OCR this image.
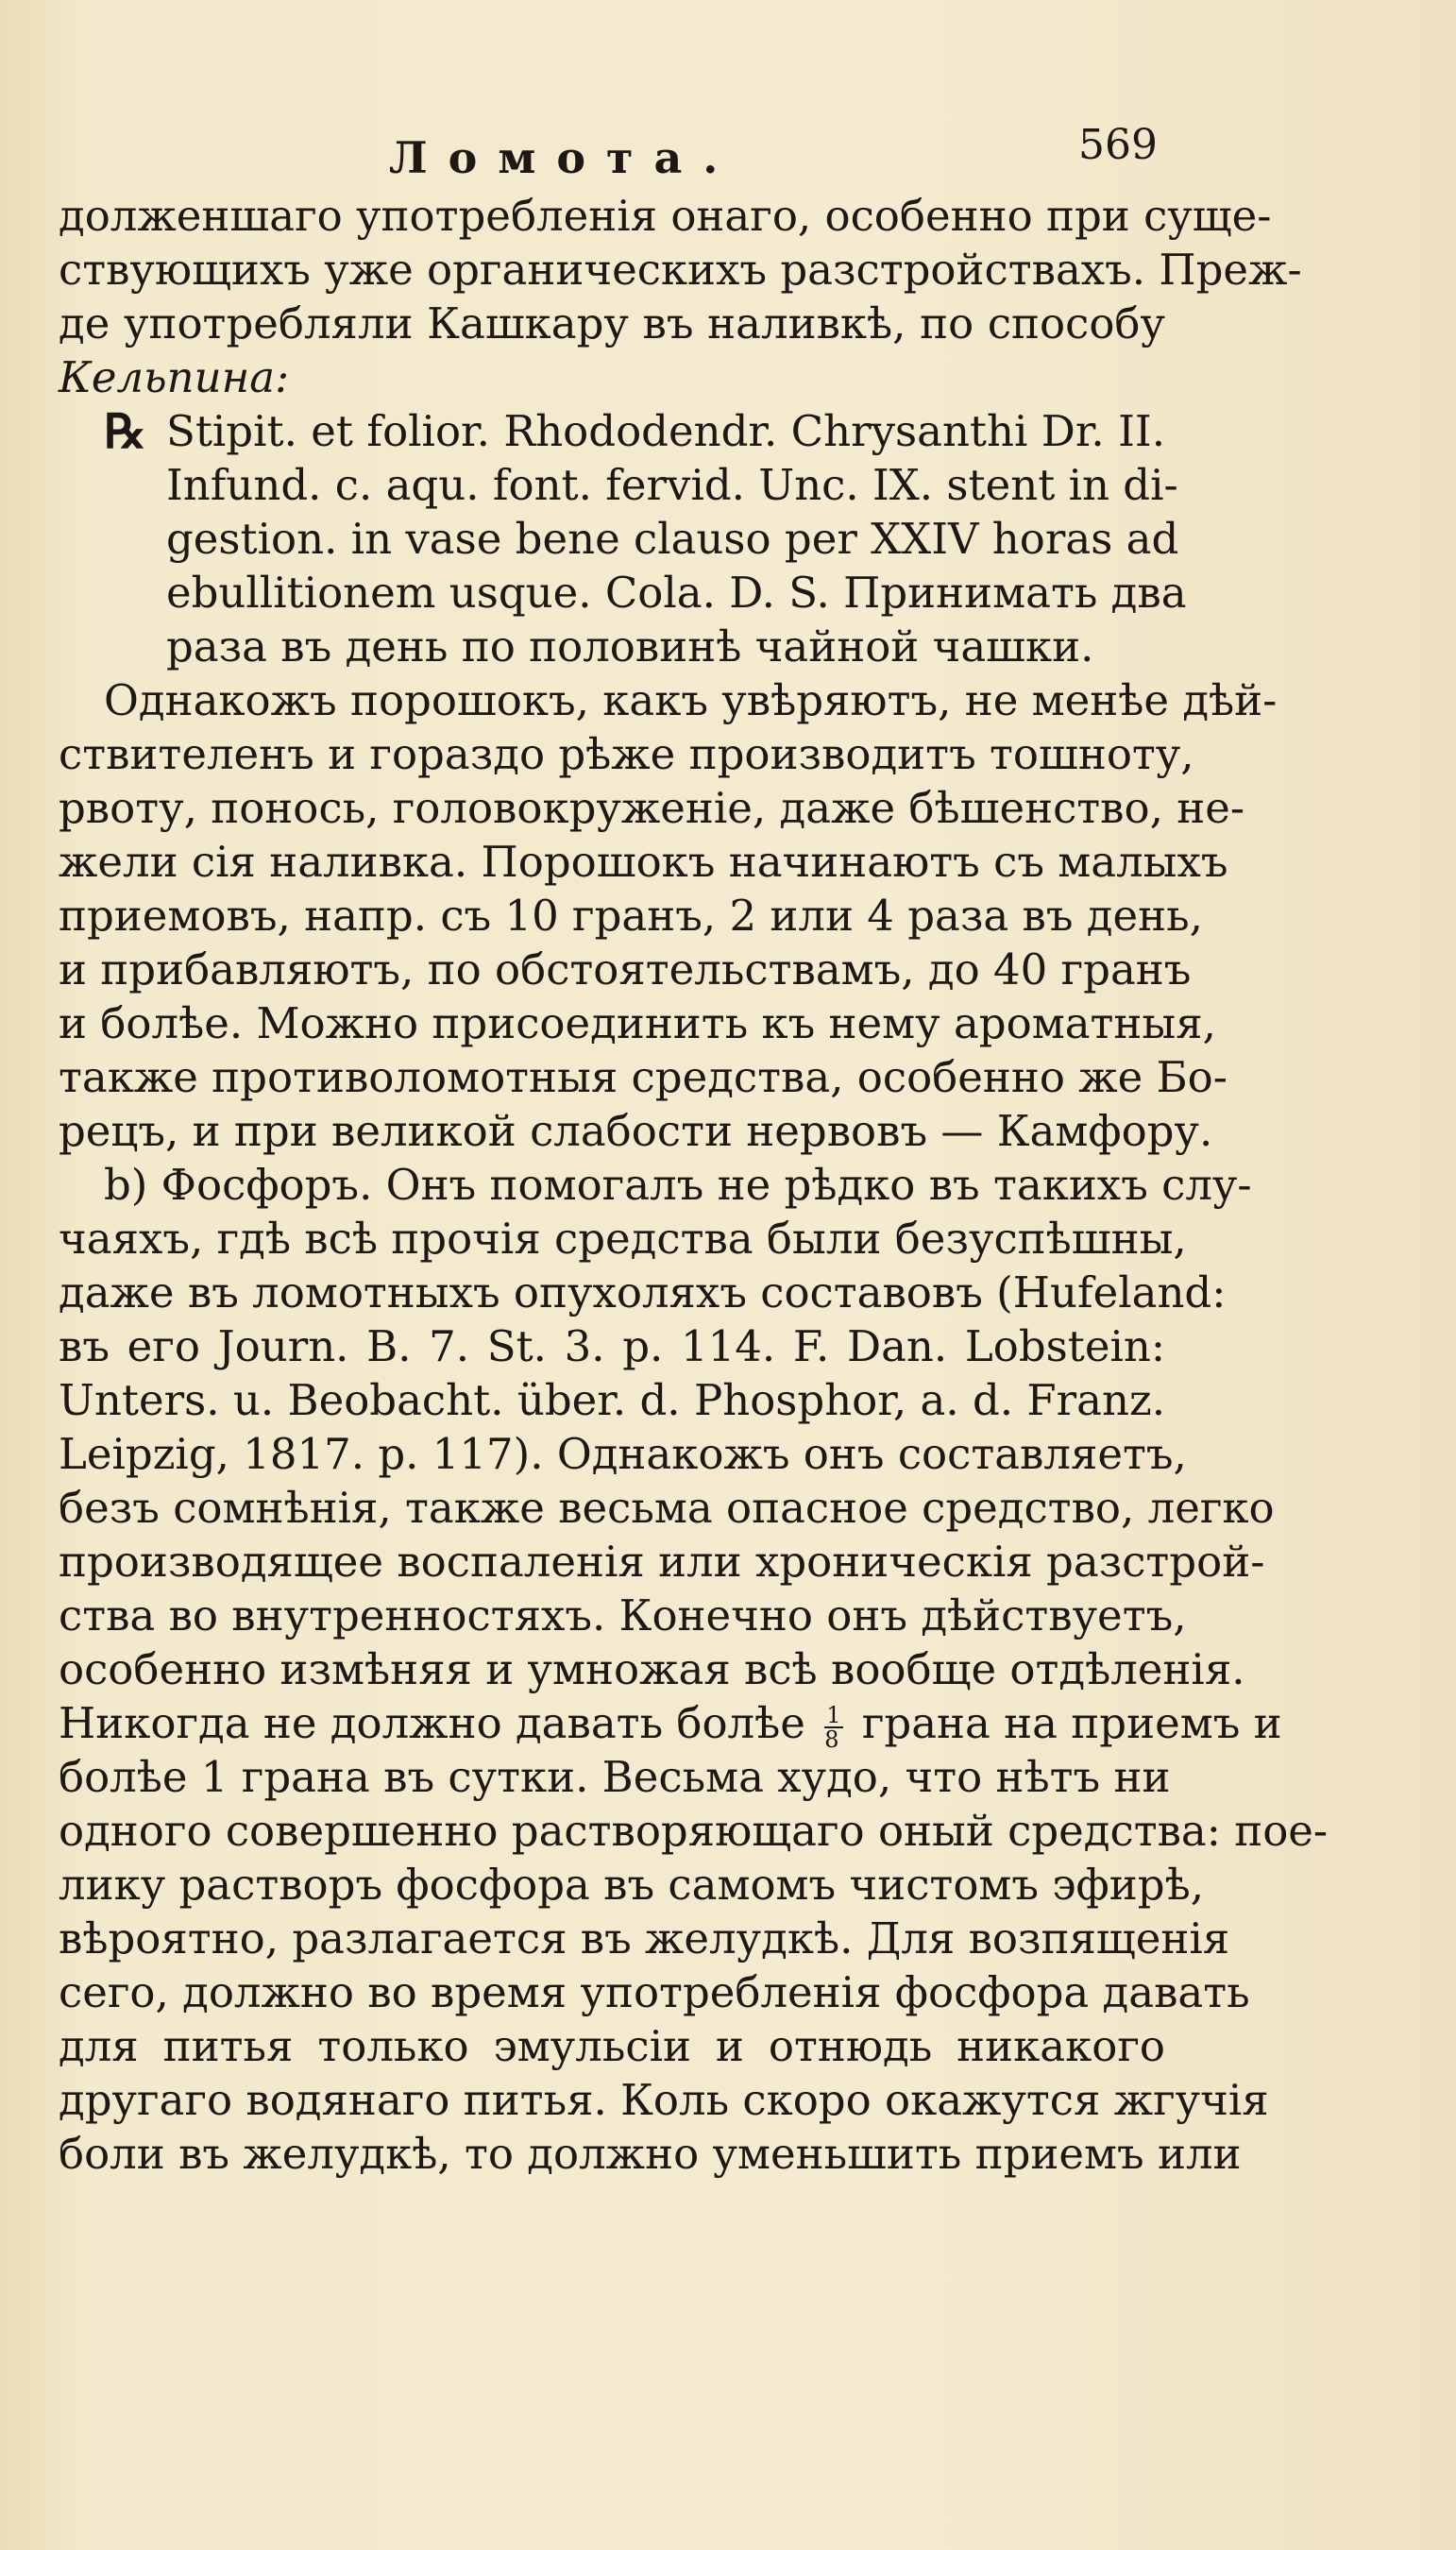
Ломота.	569
долженшаго употребленія онаго, особенно при суще-
ствующихъ уже органическихъ разстройствахъ. Преж-
де употребляли Кашкару въ наливкѣ, по способу
Кельпина:
℞ Stipit. et folior. Rhododendr. Chrysanthi Dr. II.
Infund. c. aqu. font. fervid. Unc. IX. stent in di-
gestion. in vase bene clauso per XXIV horas ad
ebullitionem usque. Cola. D. S. Принимать два
раза въ день по половинѣ чайной чашки.
Однакожъ порошокъ, какъ увѣряютъ, не менѣе дѣй-
ствителенъ и гораздо рѣже производитъ тошноту,
рвоту, понось, головокруженіе, даже бѣшенство, не-
жели сія наливка. Порошокъ начинаютъ съ малыхъ
приемовъ, напр. съ 10 гранъ, 2 или 4 раза въ день,
и прибавляютъ, по обстоятельствамъ, до 40 гранъ
и болѣе. Можно присоединить къ нему ароматныя,
также противоломотныя средства, особенно же Бо-
рецъ, и при великой слабости нервовъ — Камфору.
b) Фосфоръ. Онъ помогалъ не рѣдко въ такихъ слу-
чаяхъ, гдѣ всѣ прочія средства были безуспѣшны,
даже въ ломотныхъ опухоляхъ составовъ (Hufeland:
въ его Journ. B. 7. St. 3. p. 114. F. Dan. Lobstein:
Unters. u. Beobacht. über. d. Phosphor, a. d. Franz.
Leipzig, 1817. p. 117). Однакожъ онъ составляетъ,
безъ сомнѣнія, также весьма опасное средство, легко
производящее воспаленія или хроническія разстрой-
ства во внутренностяхъ. Конечно онъ дѣйствуетъ,
особенно измѣняя и умножая всѣ вообще отдѣленія.
Никогда не должно давать болѣе $\frac{1}{8}$ грана на приемъ и
болѣе 1 грана въ сутки. Весьма худо, что нѣтъ ни
одного совершенно растворяющаго оный средства: пое-
лику растворъ фосфора въ самомъ чистомъ эфирѣ,
вѣроятно, разлагается въ желудкѣ. Для возпященія
сего, должно во время употребленія фосфора давать
для питья только эмульсіи и отнюдь никакого
другаго водянаго питья. Коль скоро окажутся жгучія
боли въ желудкѣ, то должно уменьшить приемъ или
